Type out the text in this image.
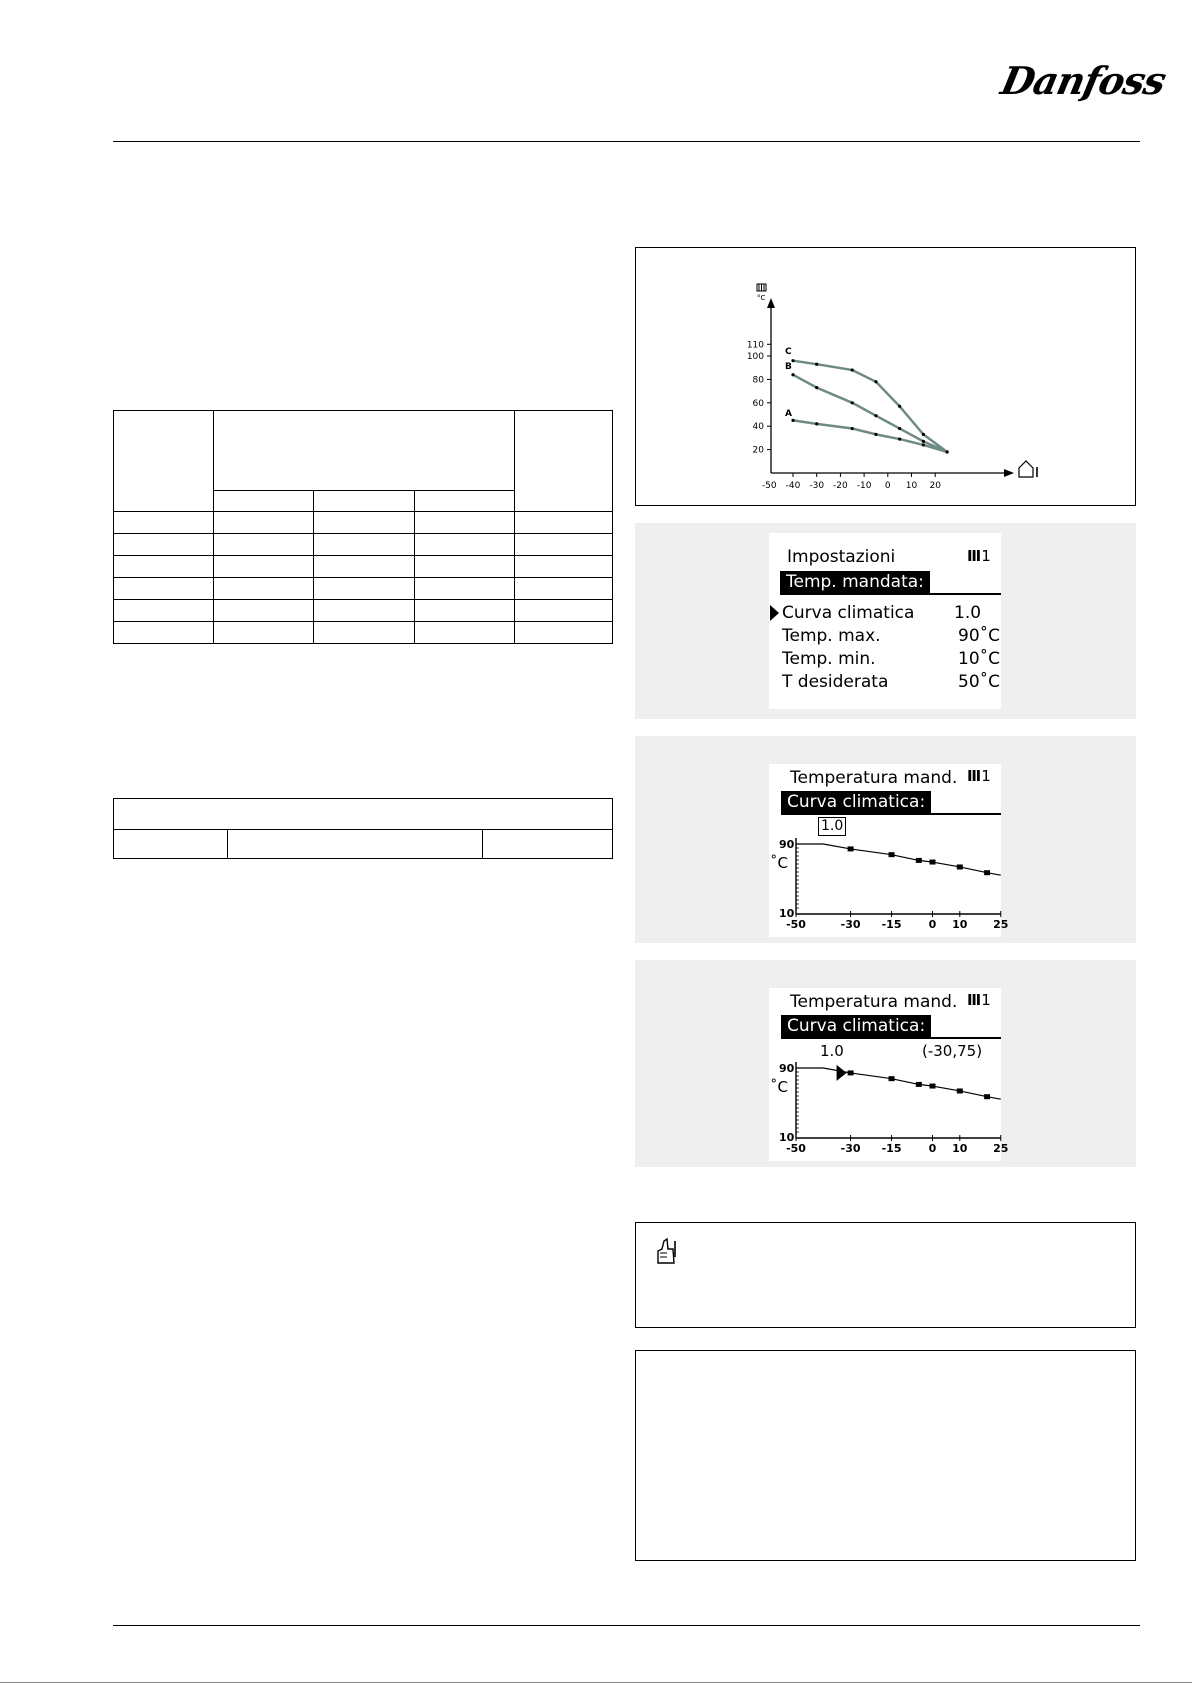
Danfoss

°C
110
100
80
60
40
20
-50 -40 -30 -20 -10 0 10 20
C
B
A
Impostazioni	Ⅲ1
Temp. mandata:
Curva climatica 1.0
Temp. max.	90˚C
Temp. min.	10˚C
T desiderata	50˚C
Temperatura mand. Ⅲ1
Curva climatica:
1.0
90
˚C
10
-50	-30 -15 0 10 25
Temperatura mand. Ⅲ1
Curva climatica:
1.0	(-30,75)
90
˚C
10
-50	-30 -15 0 10 25
